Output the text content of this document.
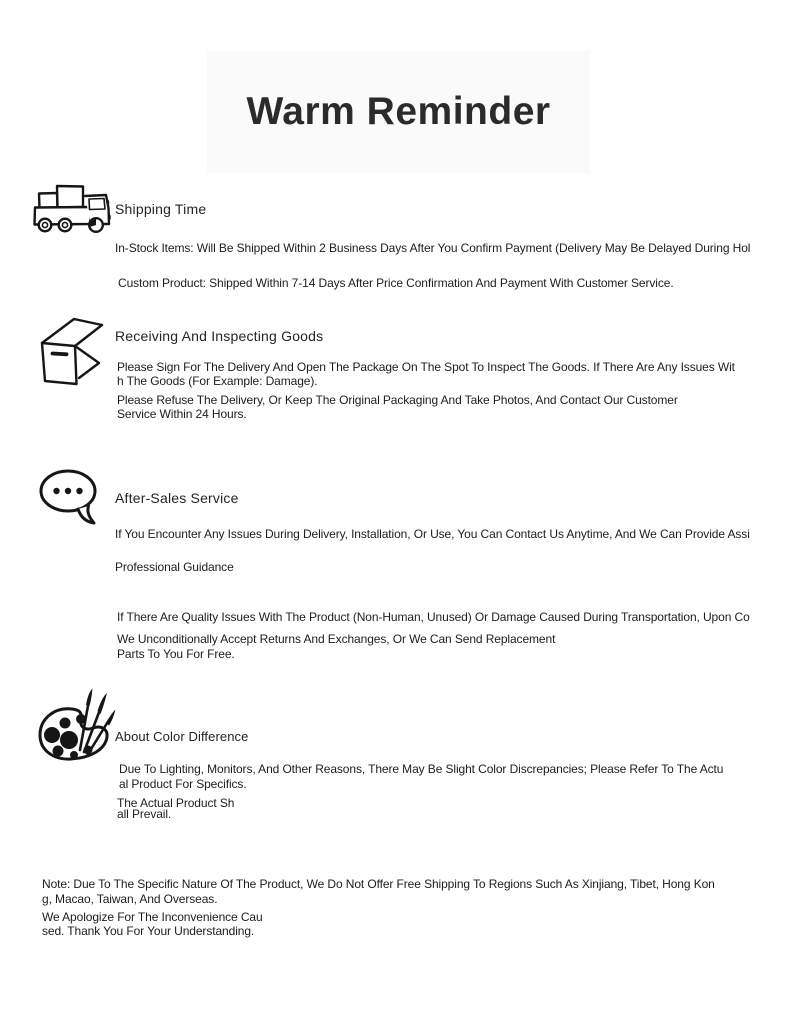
Warm Reminder
Shipping Time
In-Stock Items: Will Be Shipped Within 2 Business Days After You Confirm Payment (Delivery May Be Delayed During Hol
Custom Product: Shipped Within 7-14 Days After Price Confirmation And Payment With Customer Service.
Receiving And Inspecting Goods
Please Sign For The Delivery And Open The Package On The Spot To Inspect The Goods. If There Are Any Issues Wit
h The Goods (For Example: Damage).
Please Refuse The Delivery, Or Keep The Original Packaging And Take Photos, And Contact Our Customer
Service Within 24 Hours.
After-Sales Service
If You Encounter Any Issues During Delivery, Installation, Or Use, You Can Contact Us Anytime, And We Can Provide Assi
Professional Guidance
If There Are Quality Issues With The Product (Non-Human, Unused) Or Damage Caused During Transportation, Upon Co
We Unconditionally Accept Returns And Exchanges, Or We Can Send Replacement
Parts To You For Free.
About Color Difference
Due To Lighting, Monitors, And Other Reasons, There May Be Slight Color Discrepancies; Please Refer To The Actu
al Product For Specifics.
The Actual Product Sh
all Prevail.
Note: Due To The Specific Nature Of The Product, We Do Not Offer Free Shipping To Regions Such As Xinjiang, Tibet, Hong Kon
g, Macao, Taiwan, And Overseas.
We Apologize For The Inconvenience Cau
sed. Thank You For Your Understanding.
